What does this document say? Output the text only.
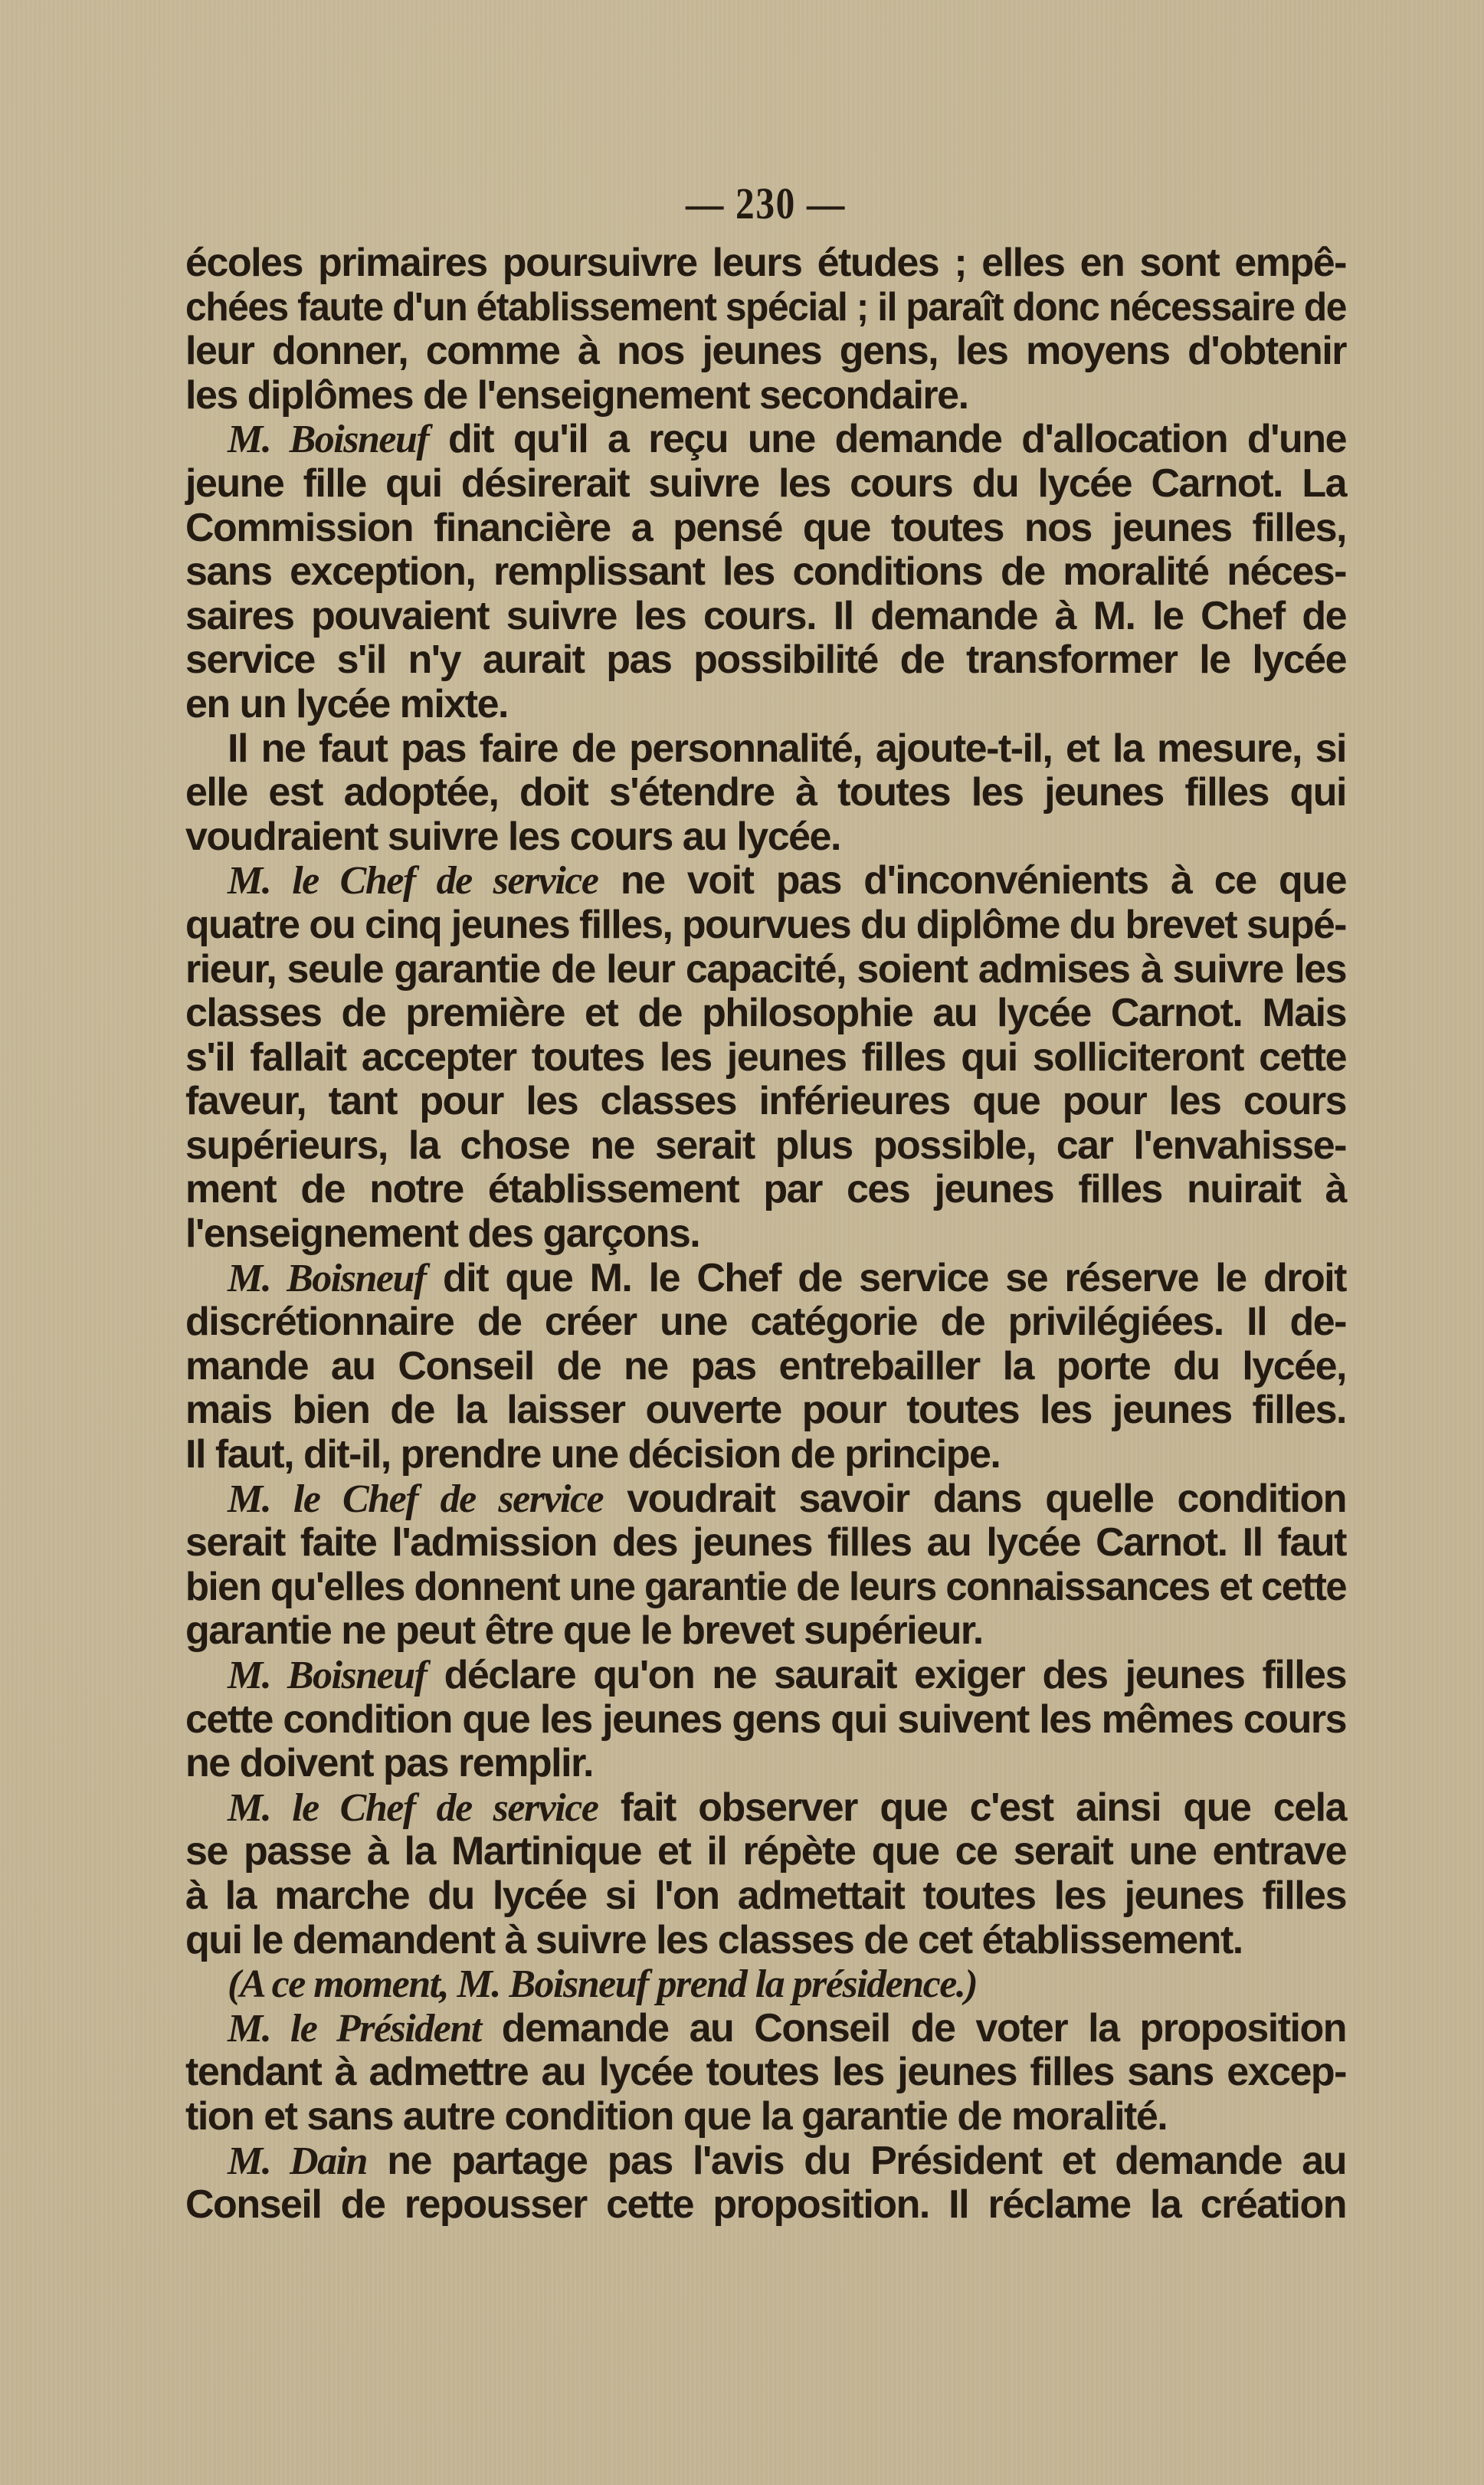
— 230 —
écoles primaires poursuivre leurs études ; elles en sont empê-
chées faute d'un établissement spécial ; il paraît donc nécessaire de
leur donner, comme à nos jeunes gens, les moyens d'obtenir
les diplômes de l'enseignement secondaire.
M. Boisneuf dit qu'il a reçu une demande d'allocation d'une
jeune fille qui désirerait suivre les cours du lycée Carnot. La
Commission financière a pensé que toutes nos jeunes filles,
sans exception, remplissant les conditions de moralité néces-
saires pouvaient suivre les cours. Il demande à M. le Chef de
service s'il n'y aurait pas possibilité de transformer le lycée
en un lycée mixte.
Il ne faut pas faire de personnalité, ajoute-t-il, et la mesure, si
elle est adoptée, doit s'étendre à toutes les jeunes filles qui
voudraient suivre les cours au lycée.
M. le Chef de service ne voit pas d'inconvénients à ce que
quatre ou cinq jeunes filles, pourvues du diplôme du brevet supé-
rieur, seule garantie de leur capacité, soient admises à suivre les
classes de première et de philosophie au lycée Carnot. Mais
s'il fallait accepter toutes les jeunes filles qui solliciteront cette
faveur, tant pour les classes inférieures que pour les cours
supérieurs, la chose ne serait plus possible, car l'envahisse-
ment de notre établissement par ces jeunes filles nuirait à
l'enseignement des garçons.
M. Boisneuf dit que M. le Chef de service se réserve le droit
discrétionnaire de créer une catégorie de privilégiées. Il de-
mande au Conseil de ne pas entrebailler la porte du lycée,
mais bien de la laisser ouverte pour toutes les jeunes filles.
Il faut, dit-il, prendre une décision de principe.
M. le Chef de service voudrait savoir dans quelle condition
serait faite l'admission des jeunes filles au lycée Carnot. Il faut
bien qu'elles donnent une garantie de leurs connaissances et cette
garantie ne peut être que le brevet supérieur.
M. Boisneuf déclare qu'on ne saurait exiger des jeunes filles
cette condition que les jeunes gens qui suivent les mêmes cours
ne doivent pas remplir.
M. le Chef de service fait observer que c'est ainsi que cela
se passe à la Martinique et il répète que ce serait une entrave
à la marche du lycée si l'on admettait toutes les jeunes filles
qui le demandent à suivre les classes de cet établissement.
(A ce moment, M. Boisneuf prend la présidence.)
M. le Président demande au Conseil de voter la proposition
tendant à admettre au lycée toutes les jeunes filles sans excep-
tion et sans autre condition que la garantie de moralité.
M. Dain ne partage pas l'avis du Président et demande au
Conseil de repousser cette proposition. Il réclame la création
